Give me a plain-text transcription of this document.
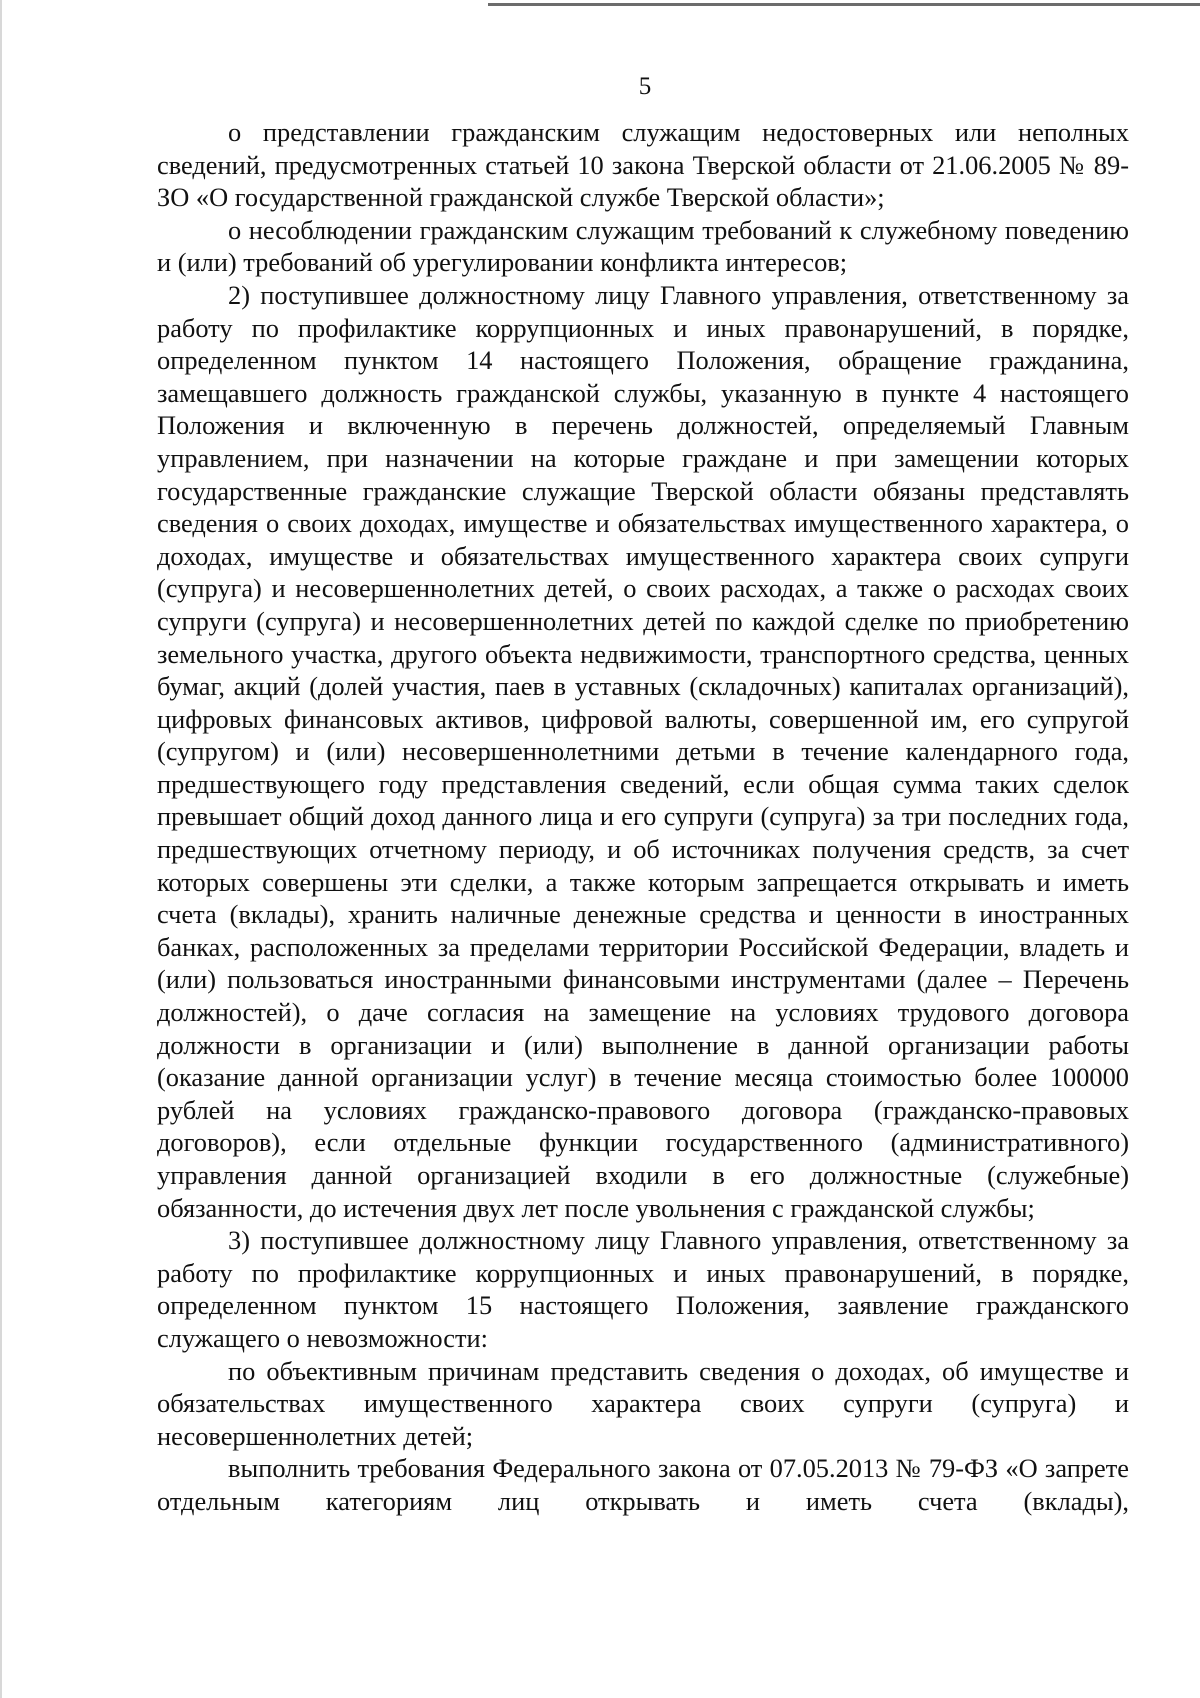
5

о представлении гражданским служащим недостоверных или неполных сведений, предусмотренных статьей 10 закона Тверской области от 21.06.2005 № 89-ЗО «О государственной гражданской службе Тверской области»;

о несоблюдении гражданским служащим требований к служебному поведению и (или) требований об урегулировании конфликта интересов;

2) поступившее должностному лицу Главного управления, ответственному за работу по профилактике коррупционных и иных правонарушений, в порядке, определенном пунктом 14 настоящего Положения, обращение гражданина, замещавшего должность гражданской службы, указанную в пункте 4 настоящего Положения и включенную в перечень должностей, определяемый Главным управлением, при назначении на которые граждане и при замещении которых государственные гражданские служащие Тверской области обязаны представлять сведения о своих доходах, имуществе и обязательствах имущественного характера, о доходах, имуществе и обязательствах имущественного характера своих супруги (супруга) и несовершеннолетних детей, о своих расходах, а также о расходах своих супруги (супруга) и несовершеннолетних детей по каждой сделке по приобретению земельного участка, другого объекта недвижимости, транспортного средства, ценных бумаг, акций (долей участия, паев в уставных (складочных) капиталах организаций), цифровых финансовых активов, цифровой валюты, совершенной им, его супругой (супругом) и (или) несовершеннолетними детьми в течение календарного года, предшествующего году представления сведений, если общая сумма таких сделок превышает общий доход данного лица и его супруги (супруга) за три последних года, предшествующих отчетному периоду, и об источниках получения средств, за счет которых совершены эти сделки, а также которым запрещается открывать и иметь счета (вклады), хранить наличные денежные средства и ценности в иностранных банках, расположенных за пределами территории Российской Федерации, владеть и (или) пользоваться иностранными финансовыми инструментами (далее – Перечень должностей), о даче согласия на замещение на условиях трудового договора должности в организации и (или) выполнение в данной организации работы (оказание данной организации услуг) в течение месяца стоимостью более 100000 рублей на условиях гражданско-правового договора (гражданско-правовых договоров), если отдельные функции государственного (административного) управления данной организацией входили в его должностные (служебные) обязанности, до истечения двух лет после увольнения с гражданской службы;

3) поступившее должностному лицу Главного управления, ответственному за работу по профилактике коррупционных и иных правонарушений, в порядке, определенном пунктом 15 настоящего Положения, заявление гражданского служащего о невозможности:

по объективным причинам представить сведения о доходах, об имуществе и обязательствах имущественного характера своих супруги (супруга) и несовершеннолетних детей;

выполнить требования Федерального закона от 07.05.2013 № 79-ФЗ «О запрете отдельным категориям лиц открывать и иметь счета (вклады),
